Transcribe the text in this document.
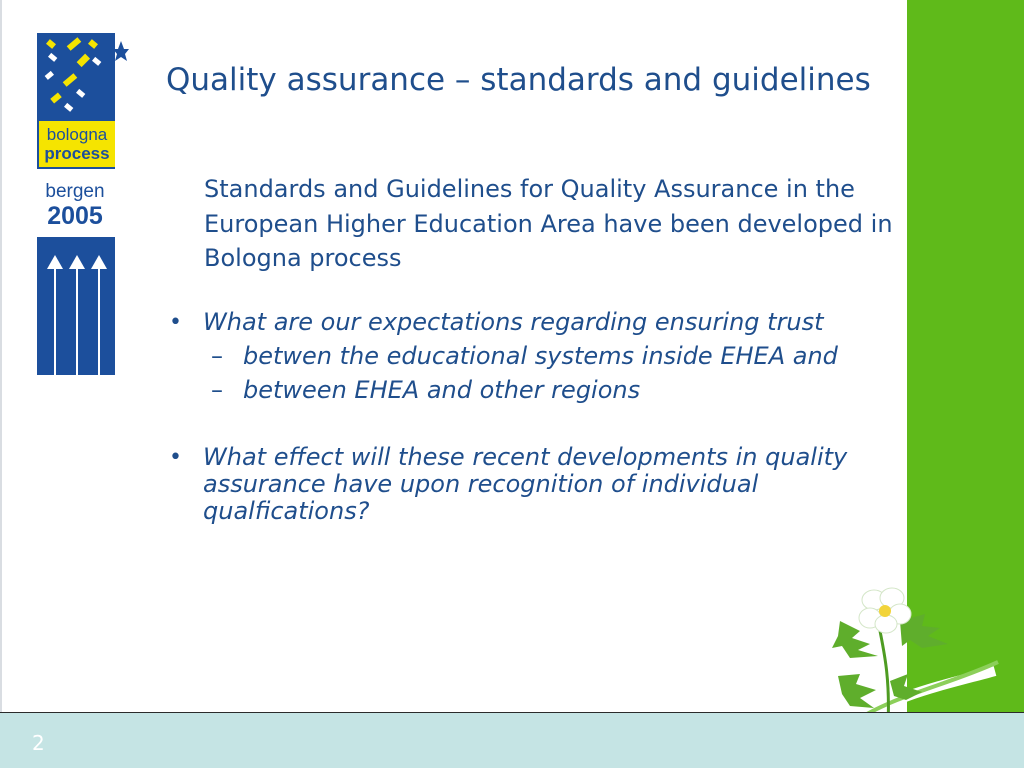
bologna
process
bergen
2005
Quality assurance – standards and guidelines

Standards and Guidelines for Quality Assurance in the European Higher Education Area have been developed in Bologna process

• What are our expectations regarding ensuring trust
– betwen the educational systems inside EHEA and
– between EHEA and other regions
• What effect will these recent developments in quality assurance have upon recognition of individual qualfications?
2
